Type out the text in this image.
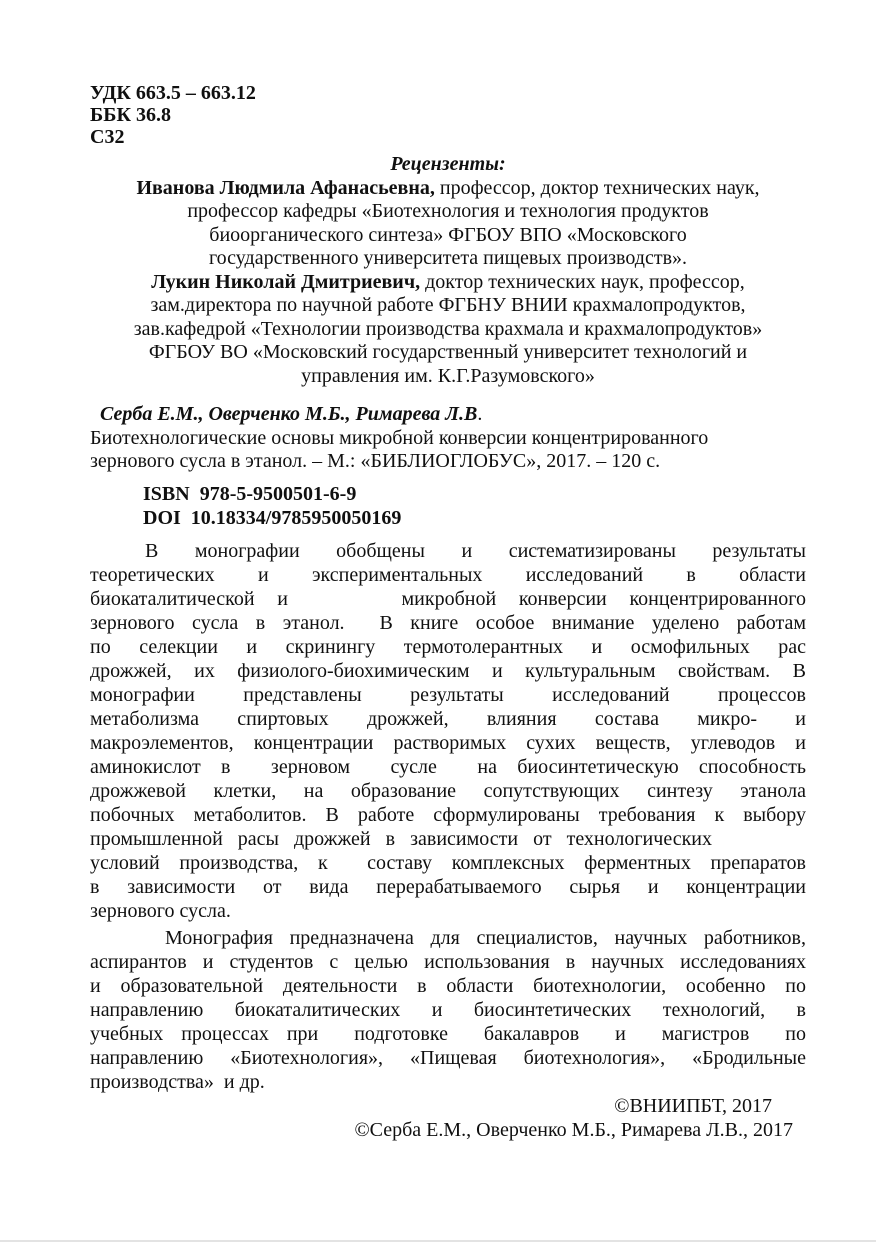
УДК 663.5 – 663.12
ББК 36.8
С32
Рецензенты:
Иванова Людмила Афанасьевна, профессор, доктор технических наук,
профессор кафедры «Биотехнология и технология продуктов
биоорганического синтеза» ФГБОУ ВПО «Московского
государственного университета пищевых производств».
Лукин Николай Дмитриевич, доктор технических наук, профессор,
зам.директора по научной работе ФГБНУ ВНИИ крахмалопродуктов,
зав.кафедрой «Технологии производства крахмала и крахмалопродуктов»
ФГБОУ ВО «Московский государственный университет технологий и
управления им. К.Г.Разумовского»
Серба Е.М., Оверченко М.Б., Римарева Л.В.
Биотехнологические основы микробной конверсии концентрированного
зернового сусла в этанол. – М.: «БИБЛИОГЛОБУС», 2017. – 120 с.
ISBN  978-5-9500501-6-9
DOI  10.18334/9785950050169
В монографии обобщены и систематизированы результаты
теоретических и экспериментальных исследований в области
биокаталитической и     микробной конверсии концентрированного
зернового сусла в этанол.  В книге особое внимание уделено работам
по селекции и скринингу термотолерантных и осмофильных рас
дрожжей, их физиолого-биохимическим и культуральным свойствам. В
монографии представлены результаты исследований процессов
метаболизма спиртовых дрожжей, влияния состава микро- и
макроэлементов, концентрации растворимых сухих веществ, углеводов и
аминокислот в  зерновом  сусле  на биосинтетическую способность
дрожжевой клетки, на образование сопутствующих синтезу этанола
побочных метаболитов. В работе сформулированы требования к выбору
промышленной расы дрожжей в зависимости от технологических
условий производства, к  составу комплексных ферментных препаратов
в зависимости от вида перерабатываемого сырья и концентрации
зернового сусла.
Монография предназначена для специалистов, научных работников,
аспирантов и студентов с целью использования в научных исследованиях
и образовательной деятельности в области биотехнологии, особенно по
направлению биокаталитических и биосинтетических технологий, в
учебных процессах при  подготовке  бакалавров  и  магистров  по
направлению «Биотехнология», «Пищевая биотехнология», «Бродильные
производства»  и др.
©ВНИИПБТ, 2017
©Серба Е.М., Оверченко М.Б., Римарева Л.В., 2017
